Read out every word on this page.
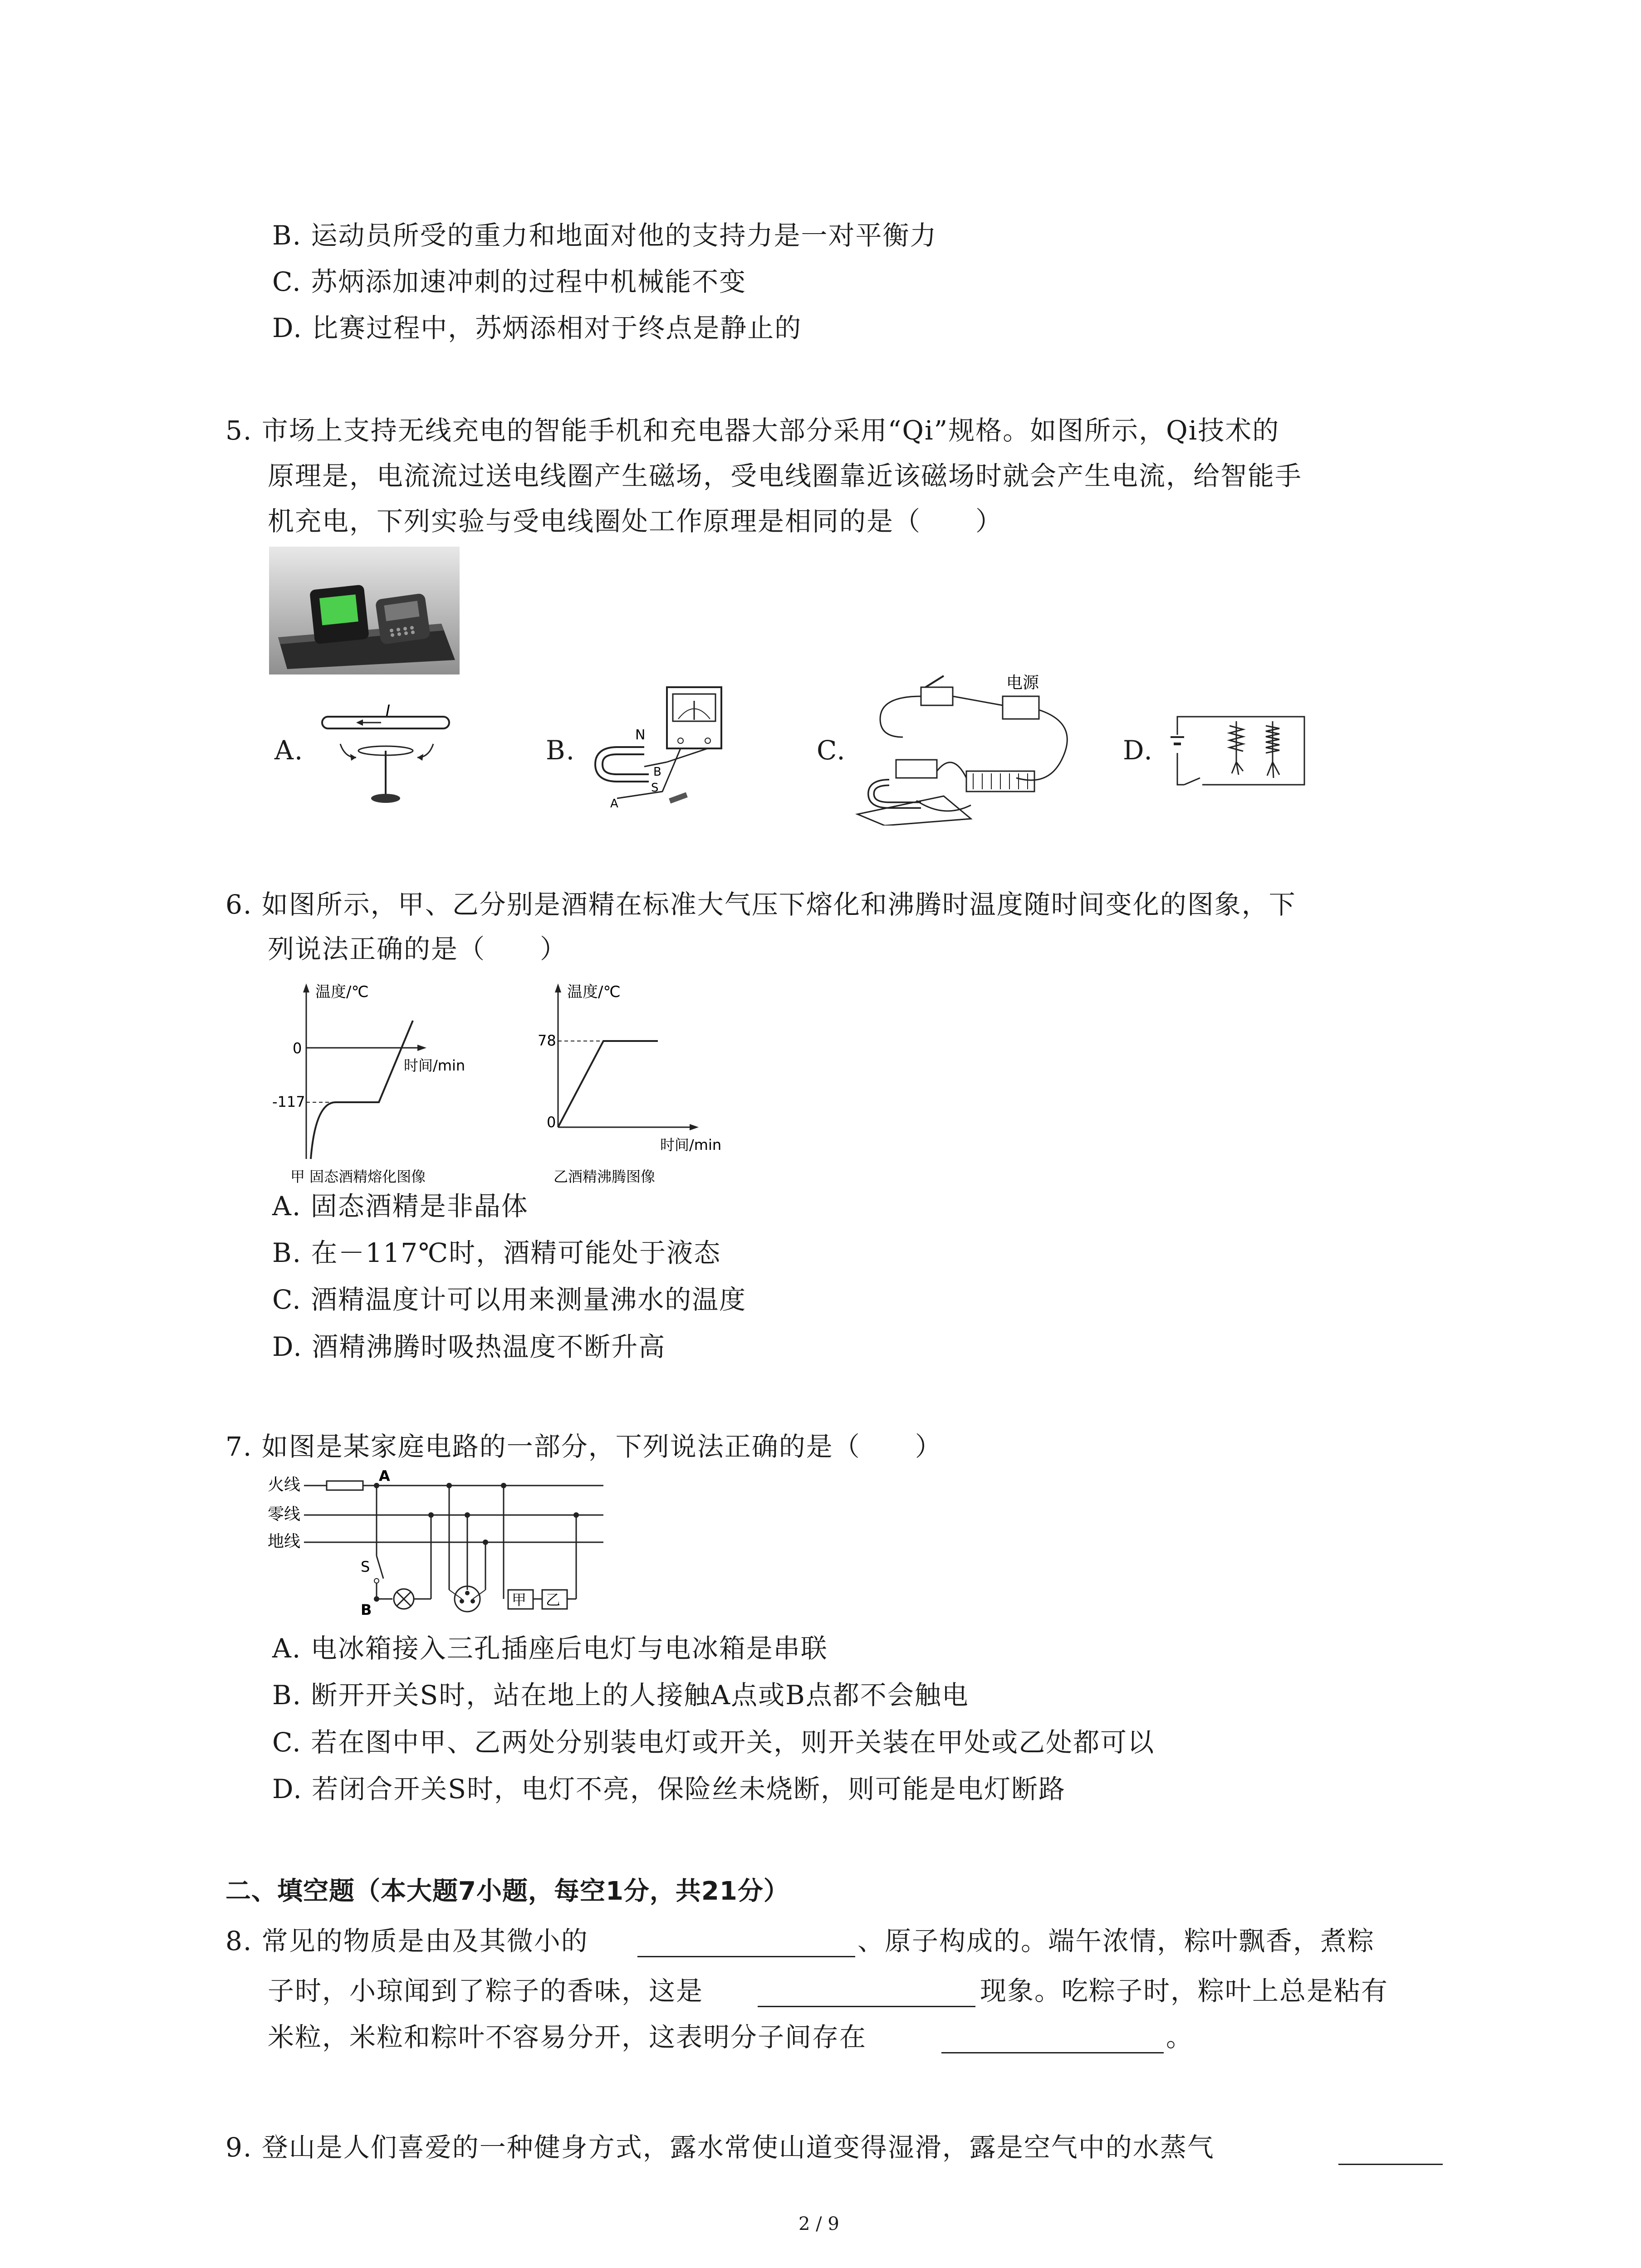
B. 运动员所受的重力和地面对他的支持力是一对平衡力
C. 苏炳添加速冲刺的过程中机械能不变
D. 比赛过程中，苏炳添相对于终点是静止的
5. 市场上支持无线充电的智能手机和充电器大部分采用“Qi”规格。如图所示，Qi技术的
原理是，电流流过送电线圈产生磁场，受电线圈靠近该磁场时就会产生电流，给智能手
机充电，下列实验与受电线圈处工作原理是相同的是（　　）
A.
I
B.	N
B
S
A
C.
电源
D.
6. 如图所示，甲、乙分别是酒精在标准大气压下熔化和沸腾时温度随时间变化的图象，下
列说法正确的是（　　）
温度/℃
时间/min
0
-117
甲 固态酒精熔化图像
温度/℃
时间/min
78
0
乙酒精沸腾图像
A. 固态酒精是非晶体
B. 在－117℃时，酒精可能处于液态
C. 酒精温度计可以用来测量沸水的温度
D. 酒精沸腾时吸热温度不断升高
7. 如图是某家庭电路的一部分，下列说法正确的是（　　）
火线
零线
地线
A
S
B
甲 乙
A. 电冰箱接入三孔插座后电灯与电冰箱是串联
B. 断开开关S时，站在地上的人接触A点或B点都不会触电
C. 若在图中甲、乙两处分别装电灯或开关，则开关装在甲处或乙处都可以
D. 若闭合开关S时，电灯不亮，保险丝未烧断，则可能是电灯断路
二、填空题（本大题7小题，每空1分，共21分）
8. 常见的物质是由及其微小的	、原子构成的。端午浓情，粽叶飘香，煮粽
子时，小琼闻到了粽子的香味，这是	现象。吃粽子时，粽叶上总是粘有
米粒，米粒和粽叶不容易分开，这表明分子间存在	。
9. 登山是人们喜爱的一种健身方式，露水常使山道变得湿滑，露是空气中的水蒸气
2 / 9
